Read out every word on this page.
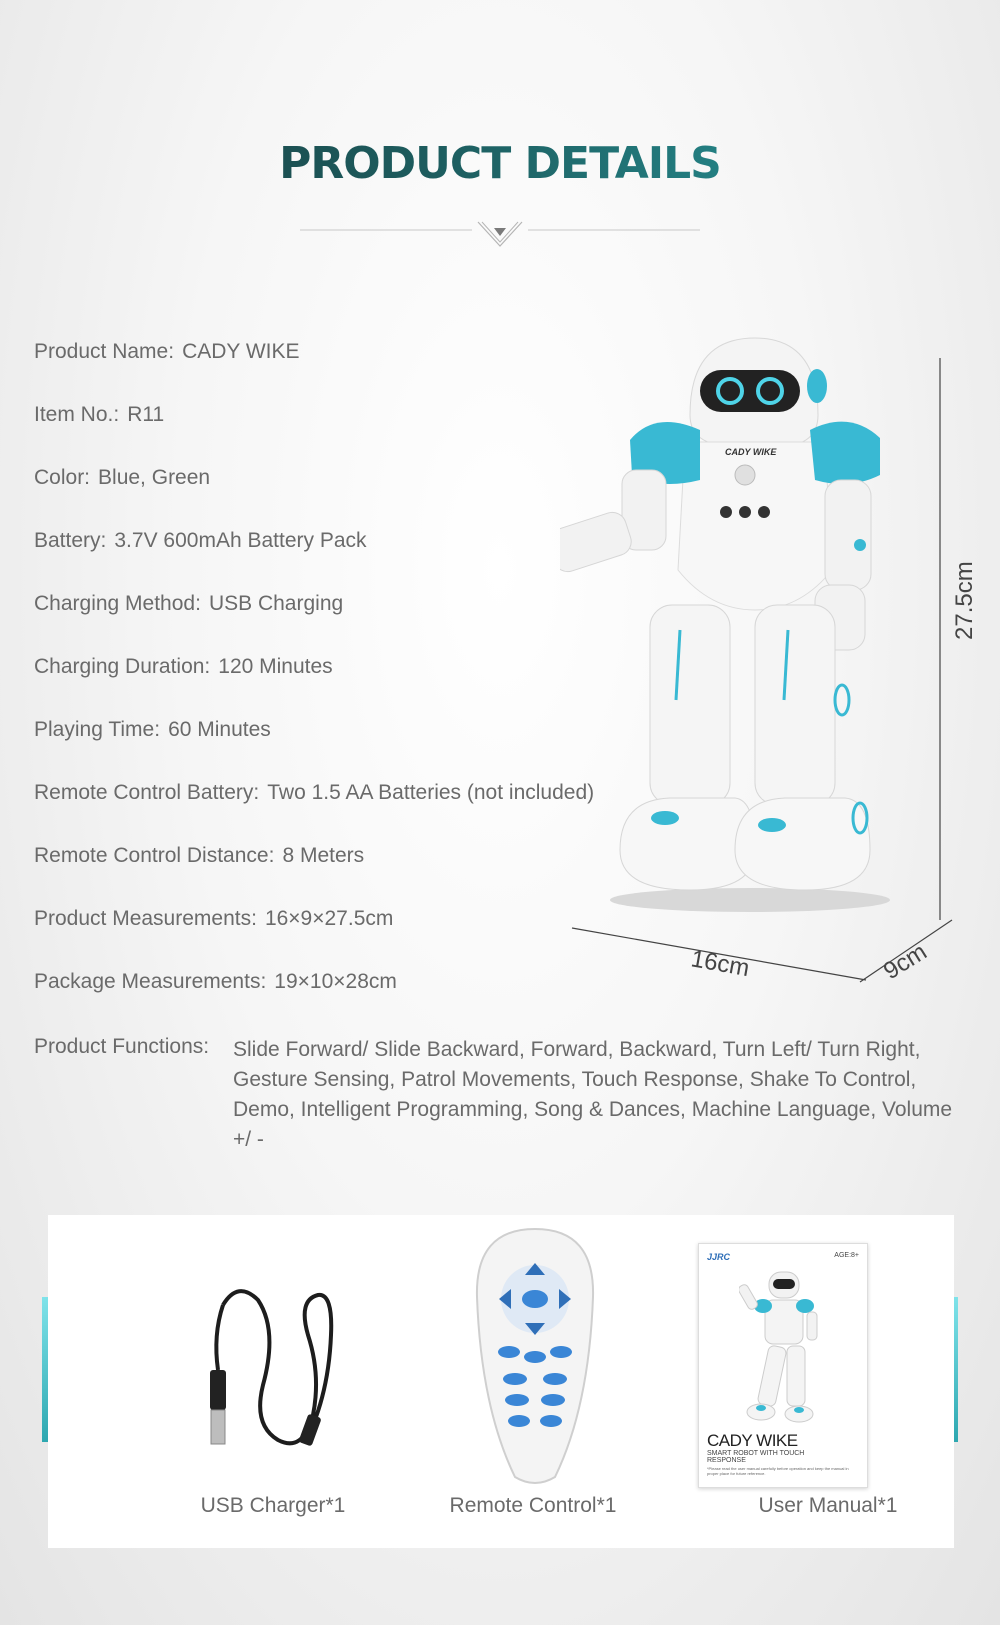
PRODUCT DETAILS
Product Name: CADY WIKE
Item No.: R11
Color: Blue, Green
Battery: 3.7V 600mAh Battery Pack
Charging Method: USB Charging
Charging Duration: 120 Minutes
Playing Time: 60 Minutes
Remote Control Battery: Two 1.5 AA Batteries (not included)
Remote Control Distance: 8 Meters
Product Measurements: 16×9×27.5cm
Package Measurements: 19×10×28cm
Product Functions: Slide Forward/ Slide Backward, Forward, Backward, Turn Left/ Turn Right, Gesture Sensing, Patrol Movements, Touch Response, Shake To Control, Demo, Intelligent Programming, Song & Dances, Machine Language, Volume +/ -
27.5cm
16cm	9cm
CADY WIKE
USB Charger*1	Remote Control*1
JJRC	AGE:8+
CADY WIKE
SMART ROBOT WITH TOUCH RESPONSE
*Please read the user manual carefully before operation and keep the manual in proper place for future reference.
User Manual*1
